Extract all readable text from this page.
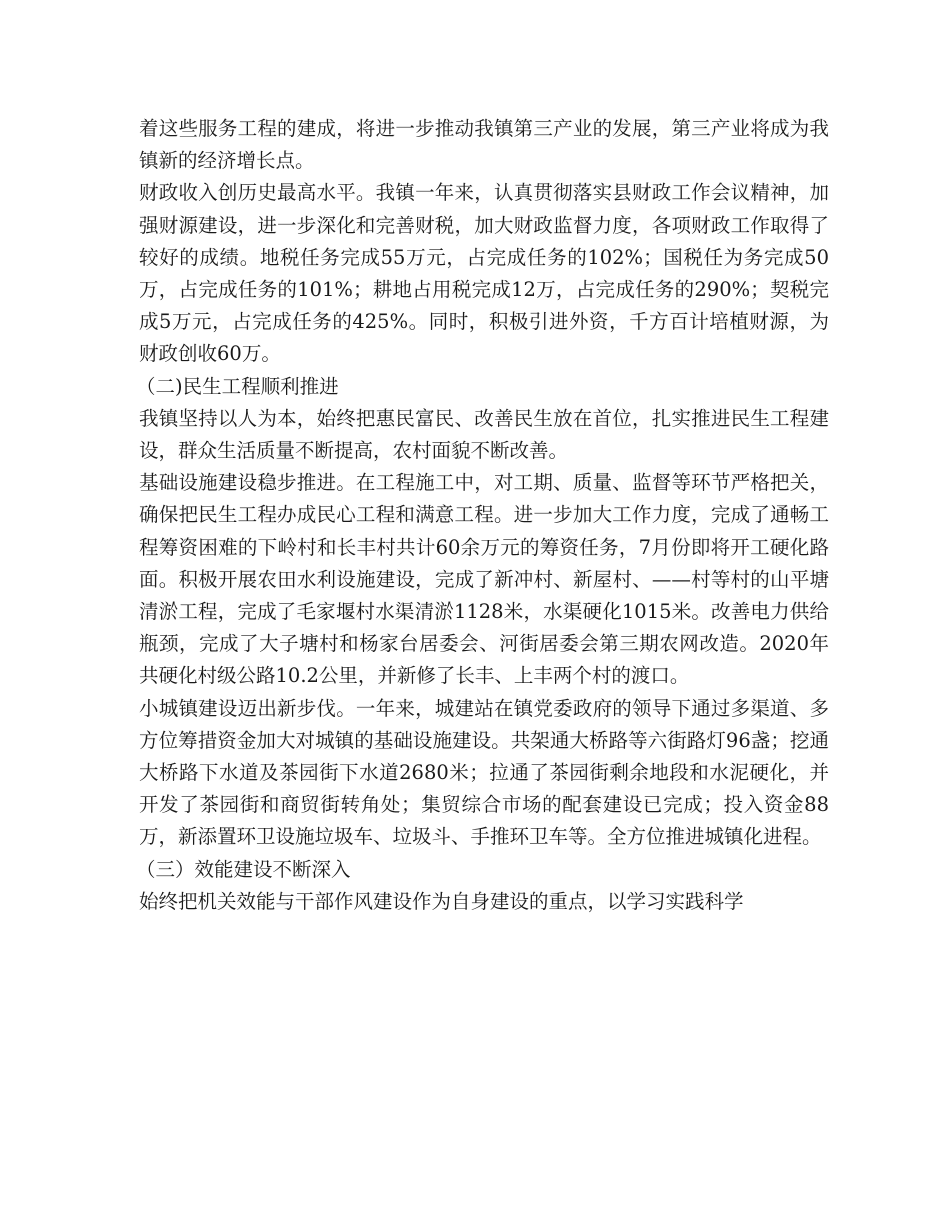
着这些服务工程的建成，将进一步推动我镇第三产业的发展，第三产业将成为我镇新的经济增长点。

财政收入创历史最高水平。我镇一年来，认真贯彻落实县财政工作会议精神，加强财源建设，进一步深化和完善财税，加大财政监督力度，各项财政工作取得了较好的成绩。地税任务完成55万元，占完成任务的102%；国税任为务完成50万，占完成任务的101%；耕地占用税完成12万，占完成任务的290%；契税完成5万元，占完成任务的425%。同时，积极引进外资，千方百计培植财源，为财政创收60万。

（二)民生工程顺利推进

我镇坚持以人为本，始终把惠民富民、改善民生放在首位，扎实推进民生工程建设，群众生活质量不断提高，农村面貌不断改善。

基础设施建设稳步推进。在工程施工中，对工期、质量、监督等环节严格把关，确保把民生工程办成民心工程和满意工程。进一步加大工作力度，完成了通畅工程筹资困难的下岭村和长丰村共计60余万元的筹资任务，7月份即将开工硬化路面。积极开展农田水利设施建设，完成了新冲村、新屋村、——村等村的山平塘清淤工程，完成了毛家堰村水渠清淤1128米，水渠硬化1015米。改善电力供给瓶颈，完成了大子塘村和杨家台居委会、河街居委会第三期农网改造。2020年共硬化村级公路10.2公里，并新修了长丰、上丰两个村的渡口。

小城镇建设迈出新步伐。一年来，城建站在镇党委政府的领导下通过多渠道、多方位筹措资金加大对城镇的基础设施建设。共架通大桥路等六街路灯96盏；挖通大桥路下水道及茶园街下水道2680米；拉通了茶园街剩余地段和水泥硬化，并开发了茶园街和商贸街转角处；集贸综合市场的配套建设已完成；投入资金88万，新添置环卫设施垃圾车、垃圾斗、手推环卫车等。全方位推进城镇化进程。

（三）效能建设不断深入

始终把机关效能与干部作风建设作为自身建设的重点，以学习实践科学
